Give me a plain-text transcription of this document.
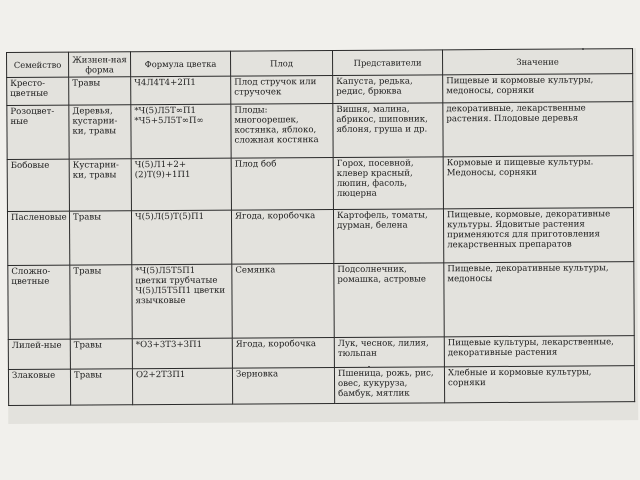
Семейство	Жизнен-ная форма	Формула цветка	Плод	Представители	Значение
Кресто-цветные	Травы	Ч4Л4Т4+2П1	Плод стручок или стручочек	Капуста, редька, редис, брюква	Пищевые и кормовые культуры, медоносы, сорняки
Розоцвет-ные	Деревья, кустарни-ки, травы	*Ч(5)Л5Т∞П1 *Ч5+5Л5Т∞П∞	Плоды: многоорешек, костянка, яблоко, сложная костянка	Вишня, малина, абрикос, шиповник, яблоня, груша и др.	декоративные, лекарственные растения. Плодовые деревья
Бобовые	Кустарни-ки, травы	Ч(5)Л1+2+(2)Т(9)+1П1	Плод боб	Горох, посевной, клевер красный, люпин, фасоль, люцерна	Кормовые и пищевые культуры. Медоносы, сорняки
Пасленовые	Травы	Ч(5)Л(5)Т(5)П1	Ягода, коробочка	Картофель, томаты, дурман, белена	Пищевые, кормовые, декоративные культуры. Ядовитые растения применяются для приготовления лекарственных препаратов
Сложно-цветные	Травы	*Ч(5)Л5Т5П1 цветки трубчатые Ч(5)Л5Т5П1 цветки язычковые	Семянка	Подсолнечник, ромашка, астровые	Пищевые, декоративные культуры, медоносы
Лилей-ные	Травы	*О3+3Т3+3П1	Ягода, коробочка	Лук, чеснок, лилия, тюльпан	Пищевые культуры, лекарственные, декоративные растения
Злаковые	Травы	О2+2Т3П1	Зерновка	Пшеница, рожь, рис, овес, кукуруза, бамбук, мятлик	Хлебные и кормовые культуры, сорняки
